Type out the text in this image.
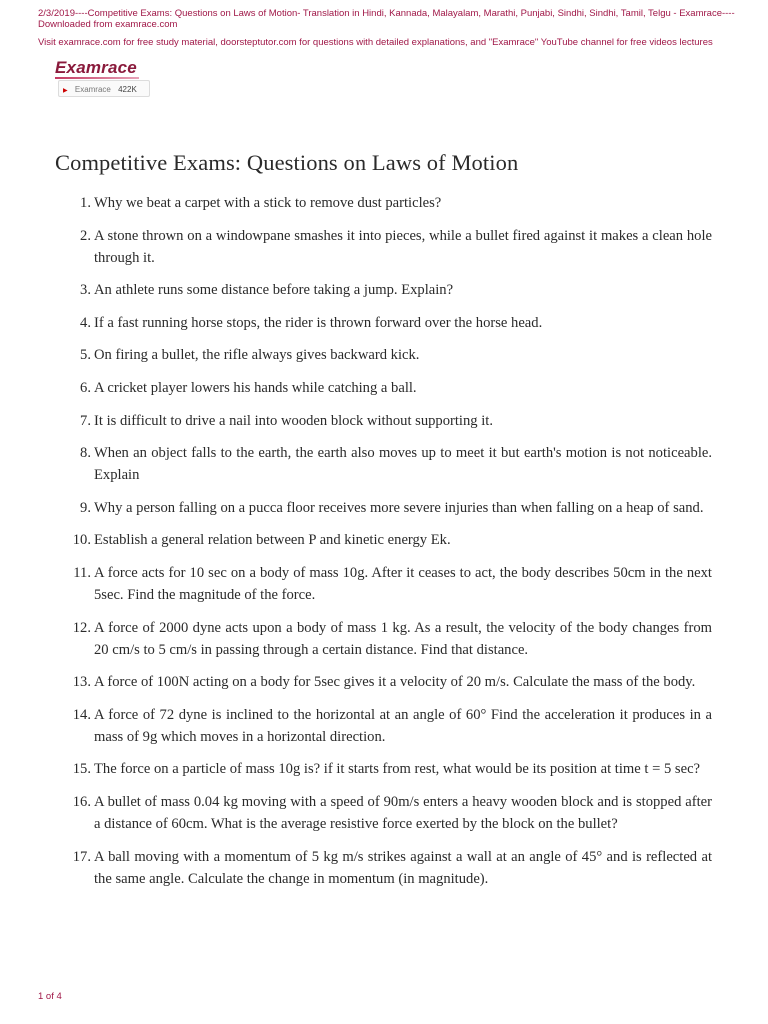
2/3/2019----Competitive Exams: Questions on Laws of Motion- Translation in Hindi, Kannada, Malayalam, Marathi, Punjabi, Sindhi, Sindhi, Tamil, Telgu - Examrace----Downloaded from examrace.com

Visit examrace.com for free study material, doorsteptutor.com for questions with detailed explanations, and "Examrace" YouTube channel for free videos lectures

Examrace
▶ Examrace 422K
Competitive Exams: Questions on Laws of Motion
1. Why we beat a carpet with a stick to remove dust particles?
2. A stone thrown on a windowpane smashes it into pieces, while a bullet fired against it makes a clean hole through it.
3. An athlete runs some distance before taking a jump. Explain?
4. If a fast running horse stops, the rider is thrown forward over the horse head.
5. On firing a bullet, the rifle always gives backward kick.
6. A cricket player lowers his hands while catching a ball.
7. It is difficult to drive a nail into wooden block without supporting it.
8. When an object falls to the earth, the earth also moves up to meet it but earth's motion is not noticeable. Explain
9. Why a person falling on a pucca floor receives more severe injuries than when falling on a heap of sand.
10. Establish a general relation between P and kinetic energy Ek.
11. A force acts for 10 sec on a body of mass 10g. After it ceases to act, the body describes 50cm in the next 5sec. Find the magnitude of the force.
12. A force of 2000 dyne acts upon a body of mass 1 kg. As a result, the velocity of the body changes from 20 cm/s to 5 cm/s in passing through a certain distance. Find that distance.
13. A force of 100N acting on a body for 5sec gives it a velocity of 20 m/s. Calculate the mass of the body.
14. A force of 72 dyne is inclined to the horizontal at an angle of 60° Find the acceleration it produces in a mass of 9g which moves in a horizontal direction.
15. The force on a particle of mass 10g is? if it starts from rest, what would be its position at time t = 5 sec?
16. A bullet of mass 0.04 kg moving with a speed of 90m/s enters a heavy wooden block and is stopped after a distance of 60cm. What is the average resistive force exerted by the block on the bullet?
17. A ball moving with a momentum of 5 kg m/s strikes against a wall at an angle of 45° and is reflected at the same angle. Calculate the change in momentum (in magnitude).
1 of 4
